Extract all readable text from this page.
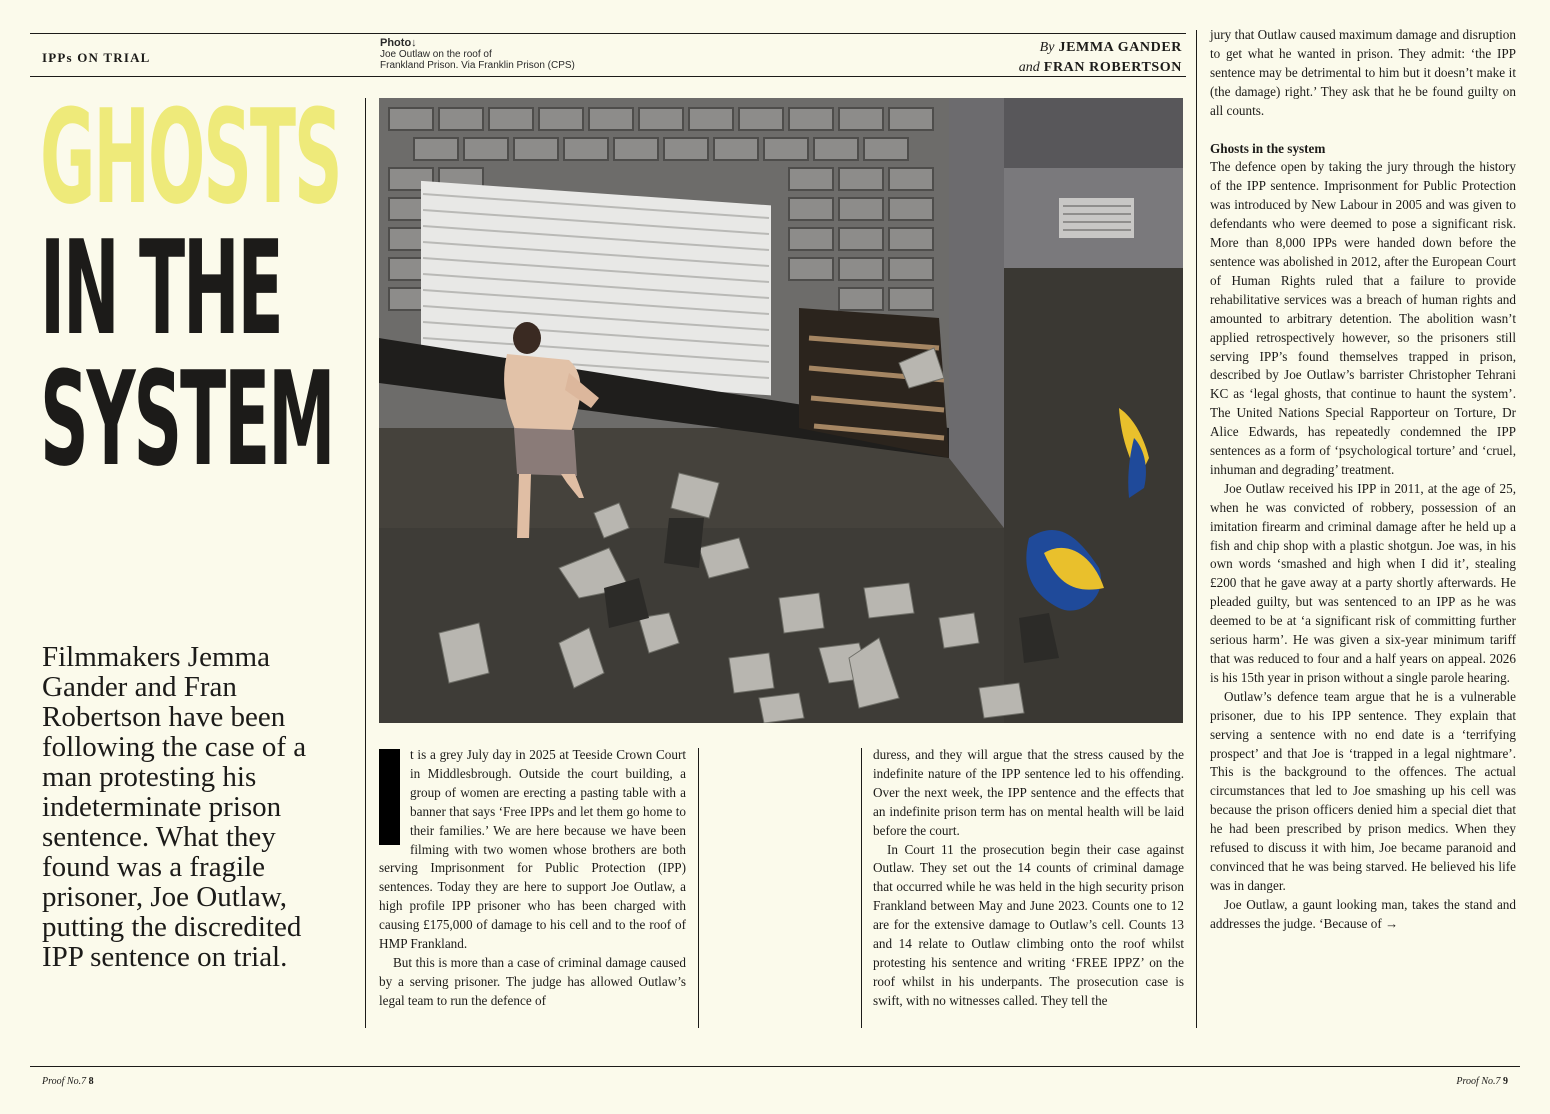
IPPs ON TRIAL
Photo↓
Joe Outlaw on the roof of
Frankland Prison. Via Franklin Prison (CPS)
By JEMMA GANDER
and FRAN ROBERTSON
GHOSTS
IN THE
SYSTEM
Filmmakers Jemma Gander and Fran Robertson have been following the case of a man protesting his indeterminate prison sentence. What they found was a fragile prisoner, Joe Outlaw, putting the discredited IPP sentence on trial.

t is a grey July day in 2025 at Teeside Crown Court in Middlesbrough. Outside the court building, a group of women are erecting a pasting table with a banner that says ‘Free IPPs and let them go home to their families.’ We are here because we have been filming with two women whose brothers are both serving Imprisonment for Public Protection (IPP) sentences. Today they are here to support Joe Outlaw, a high profile IPP prisoner who has been charged with causing £175,000 of damage to his cell and to the roof of HMP Frankland.

But this is more than a case of criminal damage caused by a serving prisoner. The judge has allowed Outlaw’s legal team to run the defence of

duress, and they will argue that the stress caused by the indefinite nature of the IPP sentence led to his offending. Over the next week, the IPP sentence and the effects that an indefinite prison term has on mental health will be laid before the court.

In Court 11 the prosecution begin their case against Outlaw. They set out the 14 counts of criminal damage that occurred while he was held in the high security prison Frankland between May and June 2023. Counts one to 12 are for the extensive damage to Outlaw’s cell. Counts 13 and 14 relate to Outlaw climbing onto the roof whilst protesting his sentence and writing ‘FREE IPPZ’ on the roof whilst in his underpants. The prosecution case is swift, with no witnesses called. They tell the

jury that Outlaw caused maximum damage and disruption to get what he wanted in prison. They admit: ‘the IPP sentence may be detrimental to him but it doesn’t make it (the damage) right.’ They ask that he be found guilty on all counts.

Ghosts in the system

The defence open by taking the jury through the history of the IPP sentence. Imprisonment for Public Protection was introduced by New Labour in 2005 and was given to defendants who were deemed to pose a significant risk. More than 8,000 IPPs were handed down before the sentence was abolished in 2012, after the European Court of Human Rights ruled that a failure to provide rehabilitative services was a breach of human rights and amounted to arbitrary detention. The abolition wasn’t applied retrospectively however, so the prisoners still serving IPP’s found themselves trapped in prison, described by Joe Outlaw’s barrister Christopher Tehrani KC as ‘legal ghosts, that continue to haunt the system’. The United Nations Special Rapporteur on Torture, Dr Alice Edwards, has repeatedly condemned the IPP sentences as a form of ‘psychological torture’ and ‘cruel, inhuman and degrading’ treatment.

Joe Outlaw received his IPP in 2011, at the age of 25, when he was convicted of robbery, possession of an imitation firearm and criminal damage after he held up a fish and chip shop with a plastic shotgun. Joe was, in his own words ‘smashed and high when I did it’, stealing £200 that he gave away at a party shortly afterwards. He pleaded guilty, but was sentenced to an IPP as he was deemed to be at ‘a significant risk of committing further serious harm’. He was given a six-year minimum tariff that was reduced to four and a half years on appeal. 2026 is his 15th year in prison without a single parole hearing.

Outlaw’s defence team argue that he is a vulnerable prisoner, due to his IPP sentence. They explain that serving a sentence with no end date is a ‘terrifying prospect’ and that Joe is ‘trapped in a legal nightmare’. This is the background to the offences. The actual circumstances that led to Joe smashing up his cell was because the prison officers denied him a special diet that he had been prescribed by prison medics. When they refused to discuss it with him, Joe became paranoid and convinced that he was being starved. He believed his life was in danger.

Joe Outlaw, a gaunt looking man, takes the stand and addresses the judge. ‘Because of →

Proof No.7 8	Proof No.7 9
